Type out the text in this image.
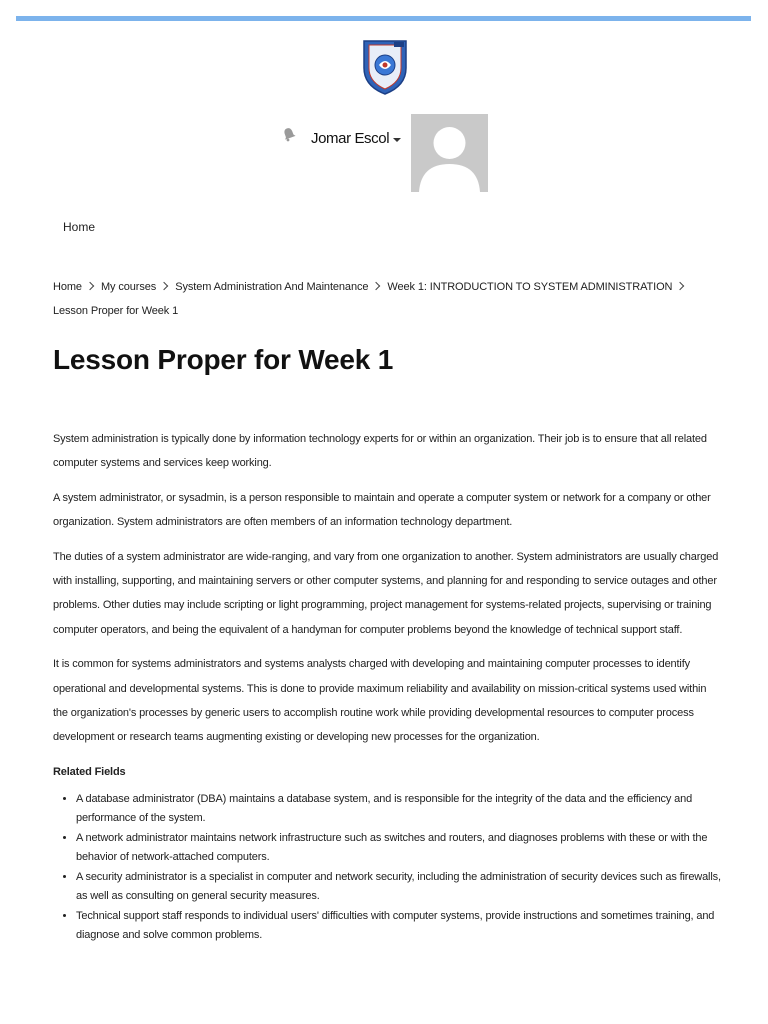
Jomar Escol
Home
Home My courses System Administration And Maintenance Week 1: INTRODUCTION TO SYSTEM ADMINISTRATIONLesson Proper for Week 1
Lesson Proper for Week 1

System administration is typically done by information technology experts for or within an organization. Their job is to ensure that all related computer systems and services keep working.

A system administrator, or sysadmin, is a person responsible to maintain and operate a computer system or network for a company or other organization. System administrators are often members of an information technology department.

The duties of a system administrator are wide-ranging, and vary from one organization to another. System administrators are usually charged with installing, supporting, and maintaining servers or other computer systems, and planning for and responding to service outages and other problems. Other duties may include scripting or light programming, project management for systems-related projects, supervising or training computer operators, and being the equivalent of a handyman for computer problems beyond the knowledge of technical support staff.

It is common for systems administrators and systems analysts charged with developing and maintaining computer processes to identify operational and developmental systems. This is done to provide maximum reliability and availability on mission-critical systems used within the organization's processes by generic users to accomplish routine work while providing developmental resources to computer process development or research teams augmenting existing or developing new processes for the organization.

Related Fields
• A database administrator (DBA) maintains a database system, and is responsible for the integrity of the data and the efficiency and performance of the system.
• A network administrator maintains network infrastructure such as switches and routers, and diagnoses problems with these or with the behavior of network-attached computers.
• A security administrator is a specialist in computer and network security, including the administration of security devices such as firewalls, as well as consulting on general security measures.
• Technical support staff responds to individual users' difficulties with computer systems, provide instructions and sometimes training, and diagnose and solve common problems.
